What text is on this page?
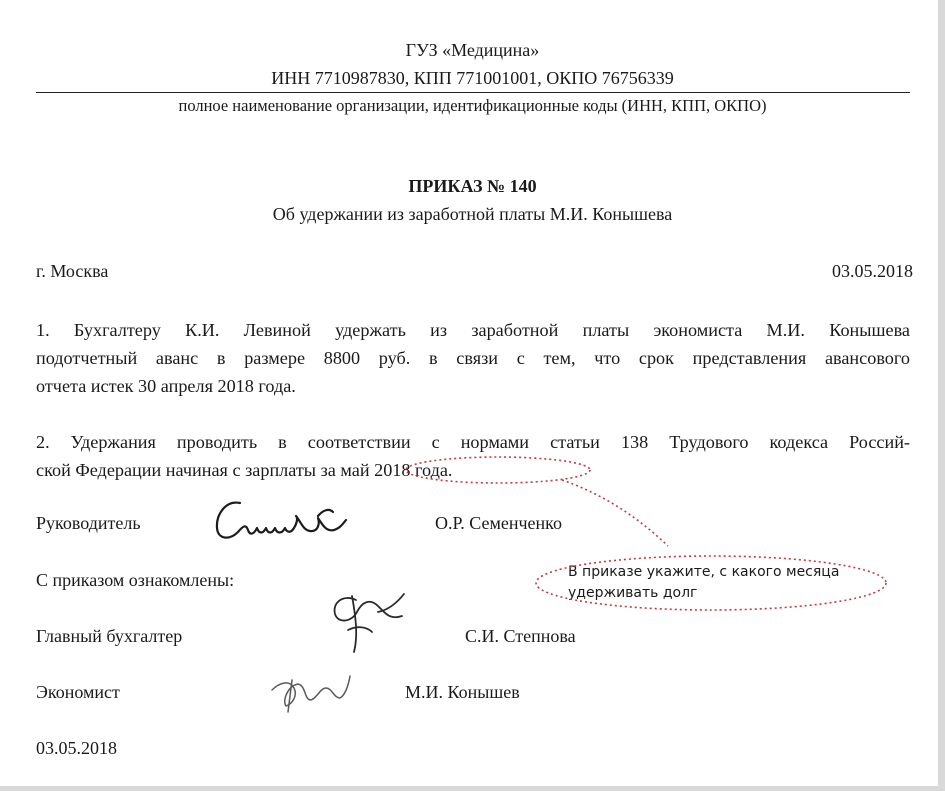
ГУЗ «Медицина»
ИНН 7710987830, КПП 771001001, ОКПО 76756339
полное наименование организации, идентификационные коды (ИНН, КПП, ОКПО)
ПРИКАЗ № 140
Об удержании из заработной платы М.И. Конышева
г. Москва	03.05.2018
1. Бухгалтеру К.И. Левиной удержать из заработной платы экономиста М.И. Конышева
подотчетный аванс в размере 8800 руб. в связи с тем, что срок представления авансового
отчета истек 30 апреля 2018 года.
2. Удержания проводить в соответствии с нормами статьи 138 Трудового кодекса Россий-
ской Федерации начиная с зарплаты за май 2018 года.
Руководитель	О.Р. Семенченко
С приказом ознакомлены:
Главный бухгалтер	С.И. Степнова
Экономист	М.И. Конышев
03.05.2018
В приказе укажите, с какого месяца
удерживать долг
